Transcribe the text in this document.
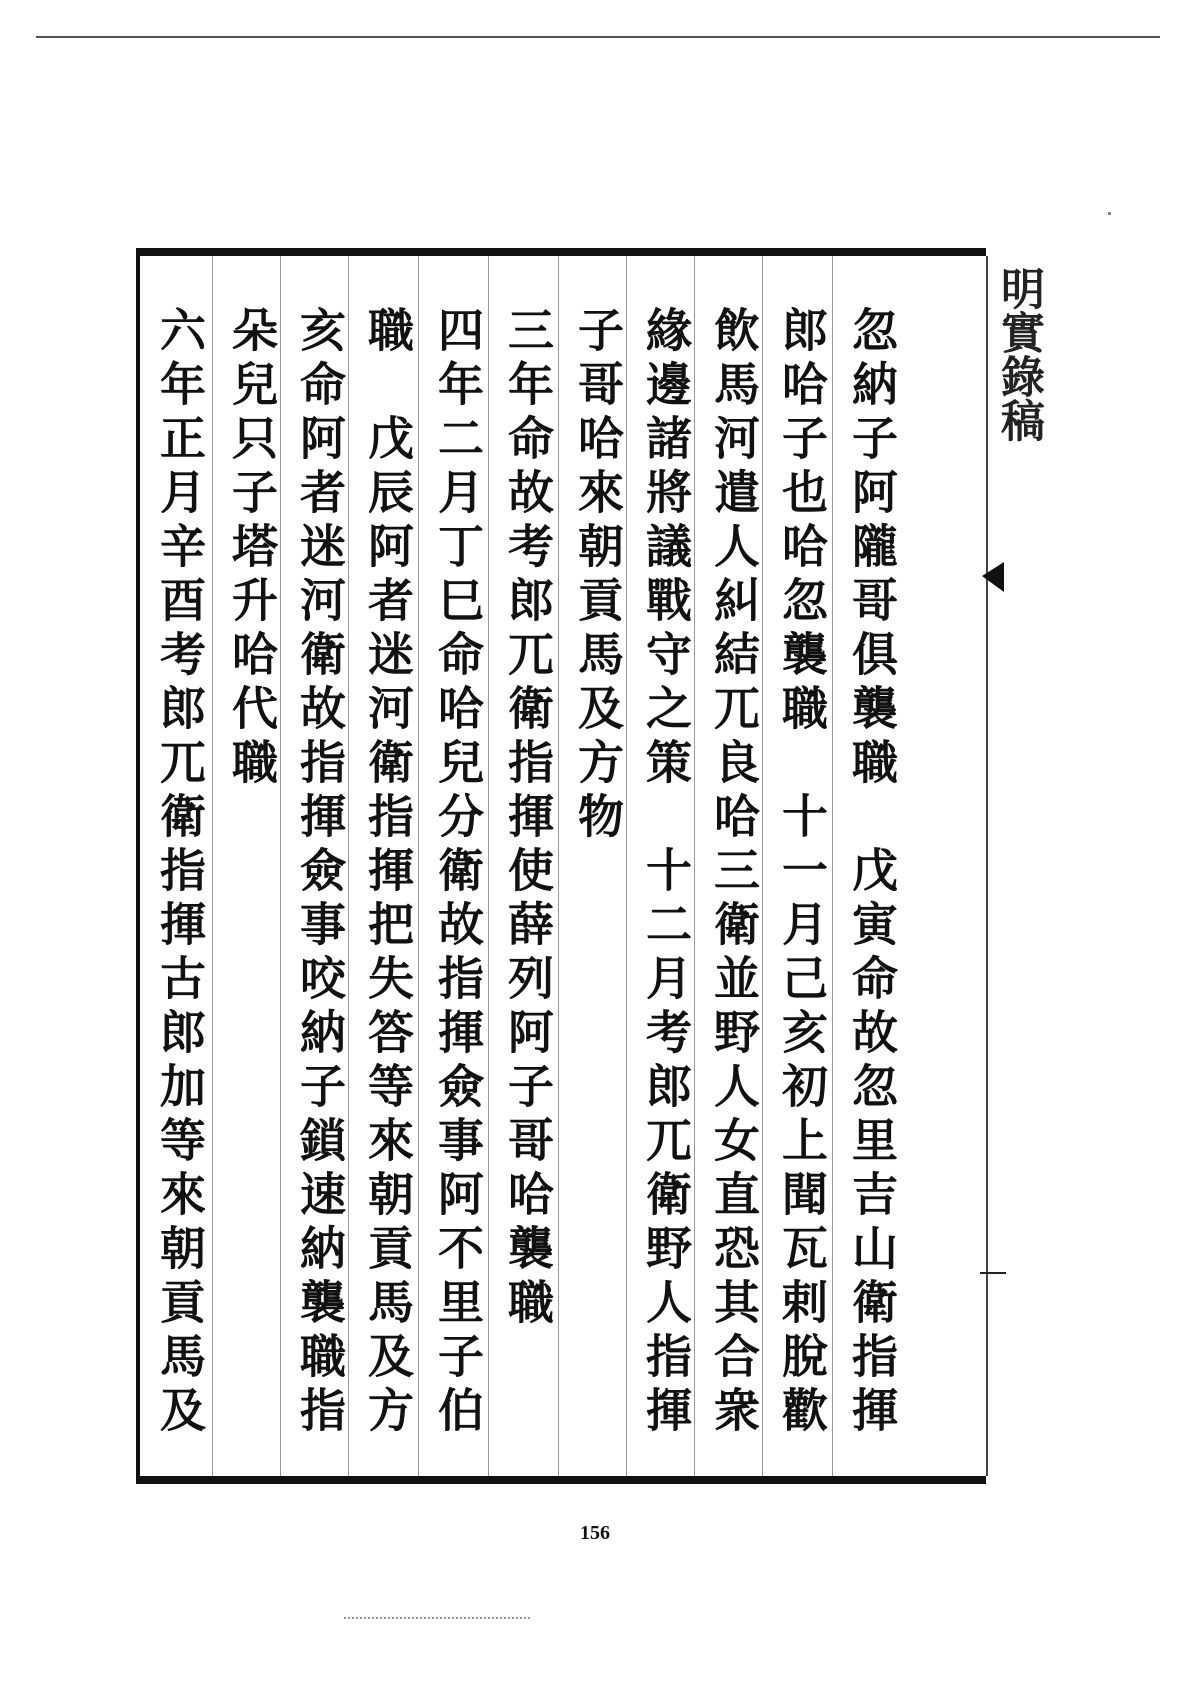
明實錄稿
忽納子阿隴哥俱襲職　戊寅命故忽里吉山衛指揮
郎哈子也哈忽襲職　十一月己亥初上聞瓦剌脫歡
飲馬河遣人糾結兀良哈三衛並野人女直恐其合衆
緣邊諸將議戰守之策　十二月考郎兀衛野人指揮
子哥哈來朝貢馬及方物
三年命故考郎兀衛指揮使薛列阿子哥哈襲職
四年二月丁巳命哈兒分衛故指揮僉事阿不里子伯
職　戊辰阿者迷河衛指揮把失答等來朝貢馬及方　
亥命阿者迷河衛故指揮僉事咬納子鎖速納襲職指
朵兒只子塔升哈代職
六年正月辛酉考郎兀衛指揮古郎加等來朝貢馬及
156
